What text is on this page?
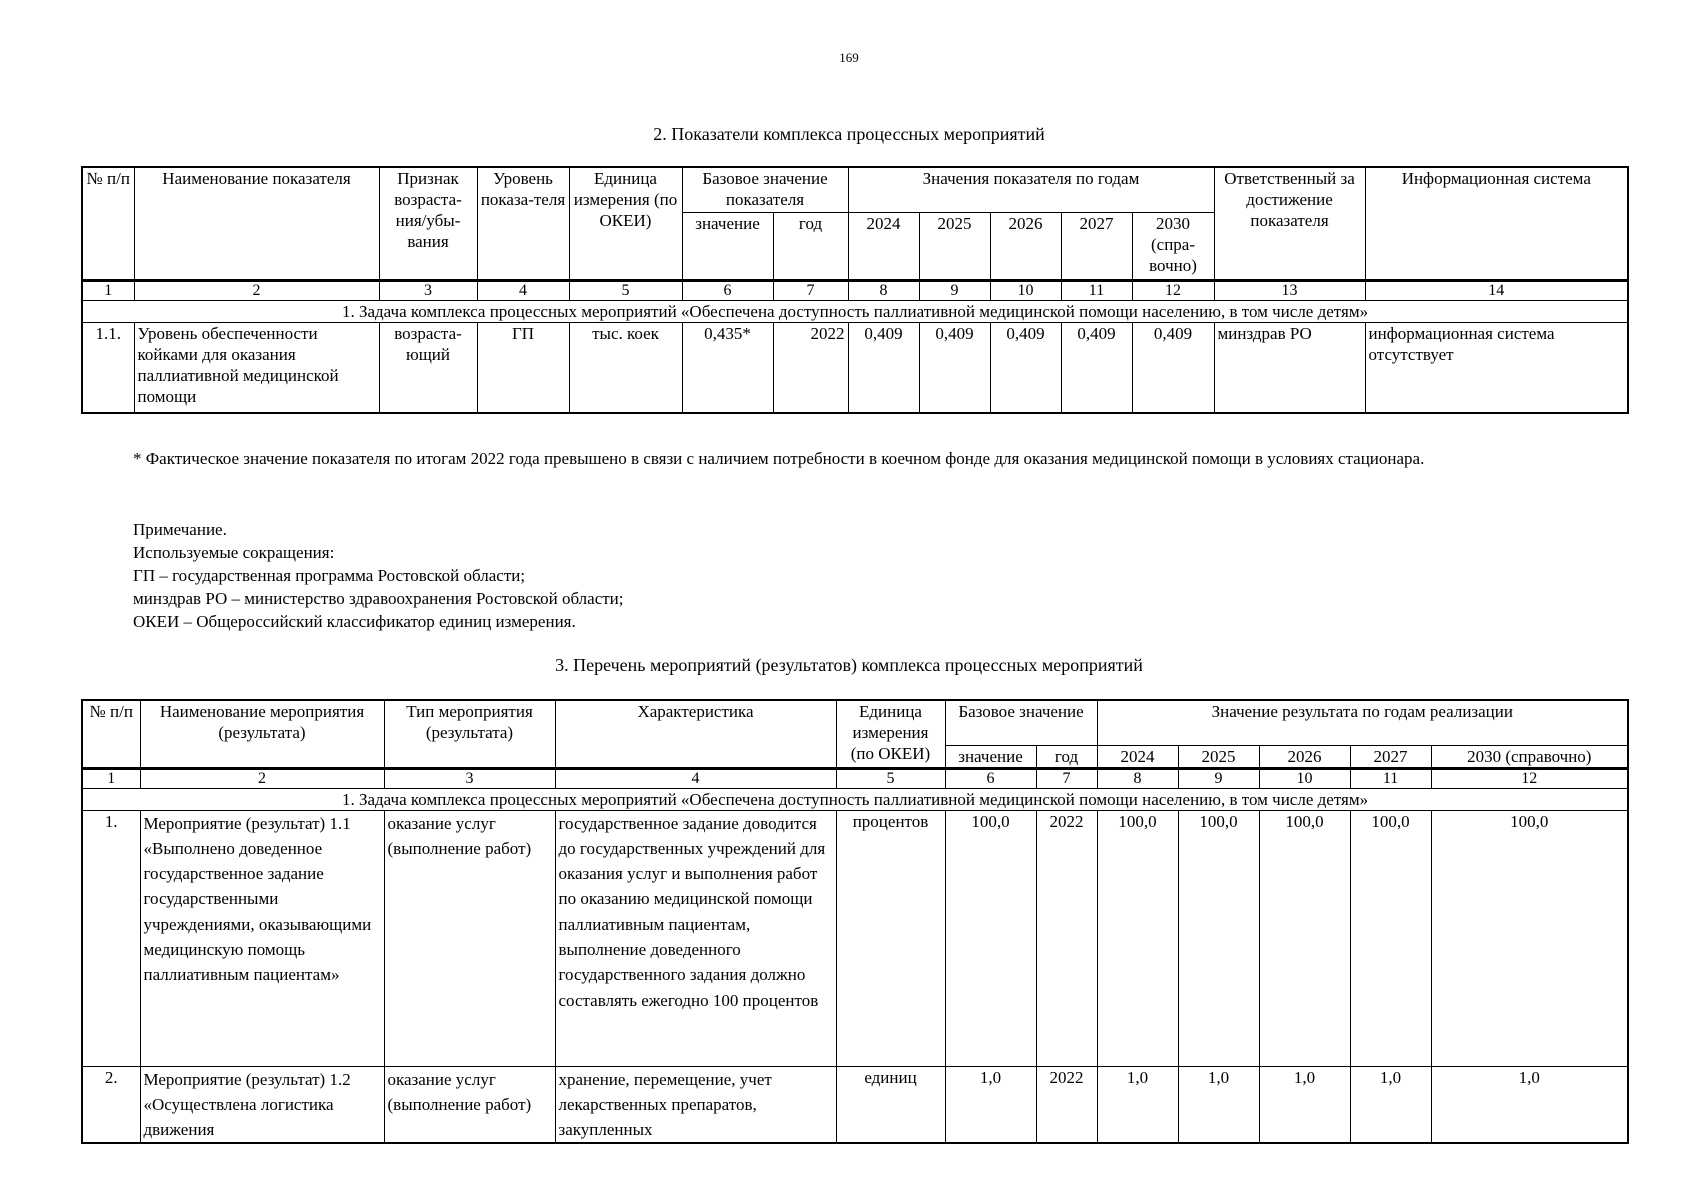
169
2. Показатели комплекса процессных мероприятий
№ п/п	Наименование показателя	Признак возраста-ния/убы-вания	Уровень показа-теля	Единица измерения (по ОКЕИ)	Базовое значение показателя		Значения показателя по годам					Ответственный за достижение показателя	Информационная система
					значение	год	2024	2025	2026	2027	2030 (спра-вочно)		
1	2	3	4	5	6	7	8	9	10	11	12	13	14
1. Задача комплекса процессных мероприятий «Обеспечена доступность паллиативной медицинской помощи населению, в том числе детям»													
1.1.	Уровень обеспеченности койками для оказания паллиативной медицинской помощи	возраста-ющий	ГП	тыс. коек	0,435*	2022	0,409	0,409	0,409	0,409	0,409	минздрав РО	информационная система отсутствует
* Фактическое значение показателя по итогам 2022 года превышено в связи с наличием потребности в коечном фонде для оказания медицинской помощи в условиях стационара.
Примечание.
Используемые сокращения:
ГП – государственная программа Ростовской области;
минздрав РО – министерство здравоохранения Ростовской области;
ОКЕИ – Общероссийский классификатор единиц измерения.
3. Перечень мероприятий (результатов) комплекса процессных мероприятий
№ п/п	Наименование мероприятия (результата)	Тип мероприятия (результата)	Характеристика	Единица измерения (по ОКЕИ)	Базовое значение		Значение результата по годам реализации				
					значение	год	2024	2025	2026	2027	2030 (справочно)
1	2	3	4	5	6	7	8	9	10	11	12
1. Задача комплекса процессных мероприятий «Обеспечена доступность паллиативной медицинской помощи населению, в том числе детям»											
1.	Мероприятие (результат) 1.1 «Выполнено доведенное государственное задание государственными учреждениями, оказывающими медицинскую помощь паллиативным пациентам»	оказание услуг (выполнение работ)	государственное задание доводится до государственных учреждений для оказания услуг и выполнения работ по оказанию медицинской помощи паллиативным пациентам, выполнение доведенного государственного задания должно составлять ежегодно 100 процентов	процентов	100,0	2022	100,0	100,0	100,0	100,0	100,0
2.	Мероприятие (результат) 1.2 «Осуществлена логистика движения	оказание услуг (выполнение работ)	хранение, перемещение, учет лекарственных препаратов, закупленных	единиц	1,0	2022	1,0	1,0	1,0	1,0	1,0
